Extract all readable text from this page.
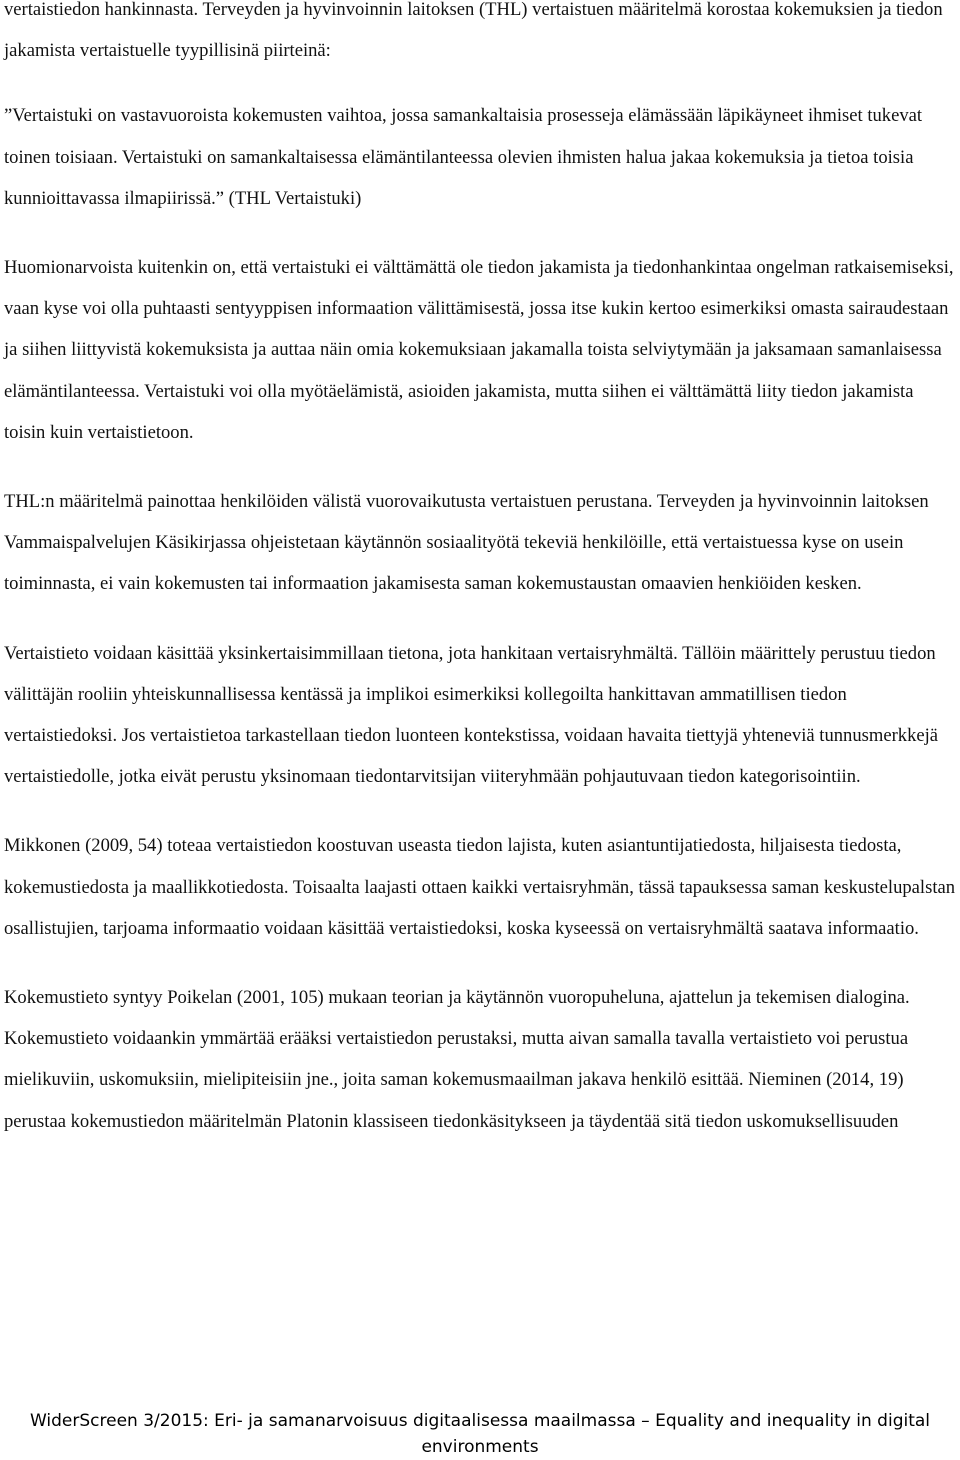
vertaistiedon hankinnasta. Terveyden ja hyvinvoinnin laitoksen (THL) vertaistuen määritelmä korostaa kokemuksien ja tiedon jakamista vertaistuelle tyypillisinä piirteinä:

”Vertaistuki on vastavuoroista kokemusten vaihtoa, jossa samankaltaisia prosesseja elämässään läpikäyneet ihmiset tukevat toinen toisiaan. Vertaistuki on samankaltaisessa elämäntilanteessa olevien ihmisten halua jakaa kokemuksia ja tietoa toisia kunnioittavassa ilmapiirissä.” (THL Vertaistuki)

Huomionarvoista kuitenkin on, että vertaistuki ei välttämättä ole tiedon jakamista ja tiedonhankintaa ongelman ratkaisemiseksi, vaan kyse voi olla puhtaasti sentyyppisen informaation välittämisestä, jossa itse kukin kertoo esimerkiksi omasta sairaudestaan ja siihen liittyvistä kokemuksista ja auttaa näin omia kokemuksiaan jakamalla toista selviytymään ja jaksamaan samanlaisessa elämäntilanteessa. Vertaistuki voi olla myötäelämistä, asioiden jakamista, mutta siihen ei välttämättä liity tiedon jakamista toisin kuin vertaistietoon.

THL:n määritelmä painottaa henkilöiden välistä vuorovaikutusta vertaistuen perustana. Terveyden ja hyvinvoinnin laitoksen Vammaispalvelujen Käsikirjassa ohjeistetaan käytännön sosiaalityötä tekeviä henkilöille, että vertaistuessa kyse on usein toiminnasta, ei vain kokemusten tai informaation jakamisesta saman kokemustaustan omaavien henkiöiden kesken.

Vertaistieto voidaan käsittää yksinkertaisimmillaan tietona, jota hankitaan vertaisryhmältä. Tällöin määrittely perustuu tiedon välittäjän rooliin yhteiskunnallisessa kentässä ja implikoi esimerkiksi kollegoilta hankittavan ammatillisen tiedon vertaistiedoksi. Jos vertaistietoa tarkastellaan tiedon luonteen kontekstissa, voidaan havaita tiettyjä yhteneviä tunnusmerkkejä vertaistiedolle, jotka eivät perustu yksinomaan tiedontarvitsijan viiteryhmään pohjautuvaan tiedon kategorisointiin.

Mikkonen (2009, 54) toteaa vertaistiedon koostuvan useasta tiedon lajista, kuten asiantuntijatiedosta, hiljaisesta tiedosta, kokemustiedosta ja maallikkotiedosta. Toisaalta laajasti ottaen kaikki vertaisryhmän, tässä tapauksessa saman keskustelupalstan osallistujien, tarjoama informaatio voidaan käsittää vertaistiedoksi, koska kyseessä on vertaisryhmältä saatava informaatio.

Kokemustieto syntyy Poikelan (2001, 105) mukaan teorian ja käytännön vuoropuheluna, ajattelun ja tekemisen dialogina. Kokemustieto voidaankin ymmärtää erääksi vertaistiedon perustaksi, mutta aivan samalla tavalla vertaistieto voi perustua mielikuviin, uskomuksiin, mielipiteisiin jne., joita saman kokemusmaailman jakava henkilö esittää. Nieminen (2014, 19) perustaa kokemustiedon määritelmän Platonin klassiseen tiedonkäsitykseen ja täydentää sitä tiedon uskomuksellisuuden

WiderScreen 3/2015: Eri- ja samanarvoisuus digitaalisessa maailmassa – Equality and inequality in digital environments
